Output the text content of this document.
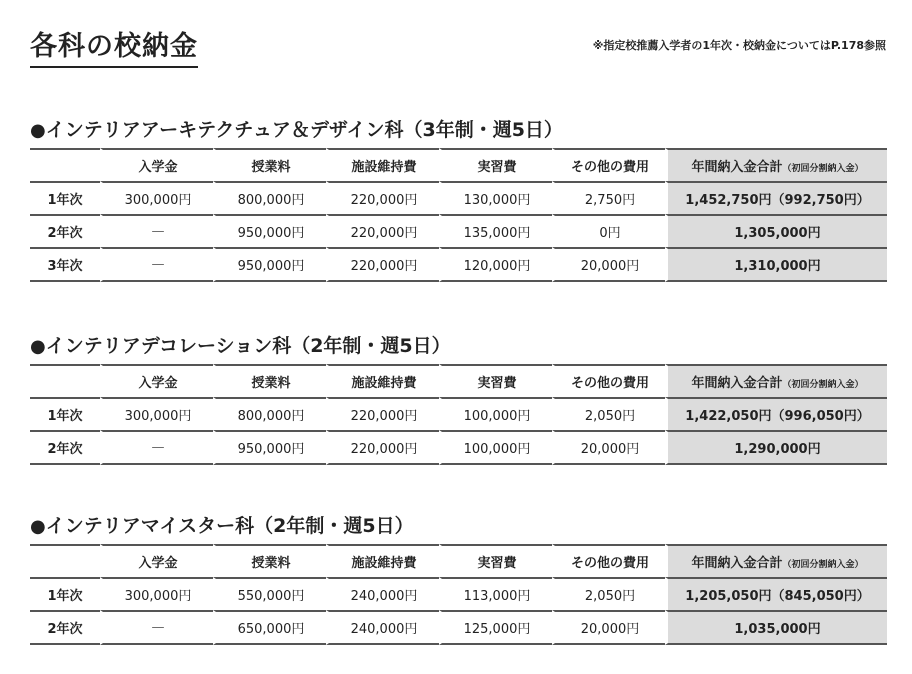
各科の校納金	※指定校推薦入学者の1年次・校納金についてはP.178参照
●インテリアアーキテクチュア＆デザイン科（3年制・週5日）
	入学金	授業料	施設維持費	実習費	その他の費用	年間納入金合計（初回分割納入金）
1年次	300,000円	800,000円	220,000円	130,000円	2,750円	1,452,750円（992,750円）
2年次	—	950,000円	220,000円	135,000円	0円	1,305,000円
3年次	—	950,000円	220,000円	120,000円	20,000円	1,310,000円
●インテリアデコレーション科（2年制・週5日）
	入学金	授業料	施設維持費	実習費	その他の費用	年間納入金合計（初回分割納入金）
1年次	300,000円	800,000円	220,000円	100,000円	2,050円	1,422,050円（996,050円）
2年次	—	950,000円	220,000円	100,000円	20,000円	1,290,000円
●インテリアマイスター科（2年制・週5日）
	入学金	授業料	施設維持費	実習費	その他の費用	年間納入金合計（初回分割納入金）
1年次	300,000円	550,000円	240,000円	113,000円	2,050円	1,205,050円（845,050円）
2年次	—	650,000円	240,000円	125,000円	20,000円	1,035,000円
